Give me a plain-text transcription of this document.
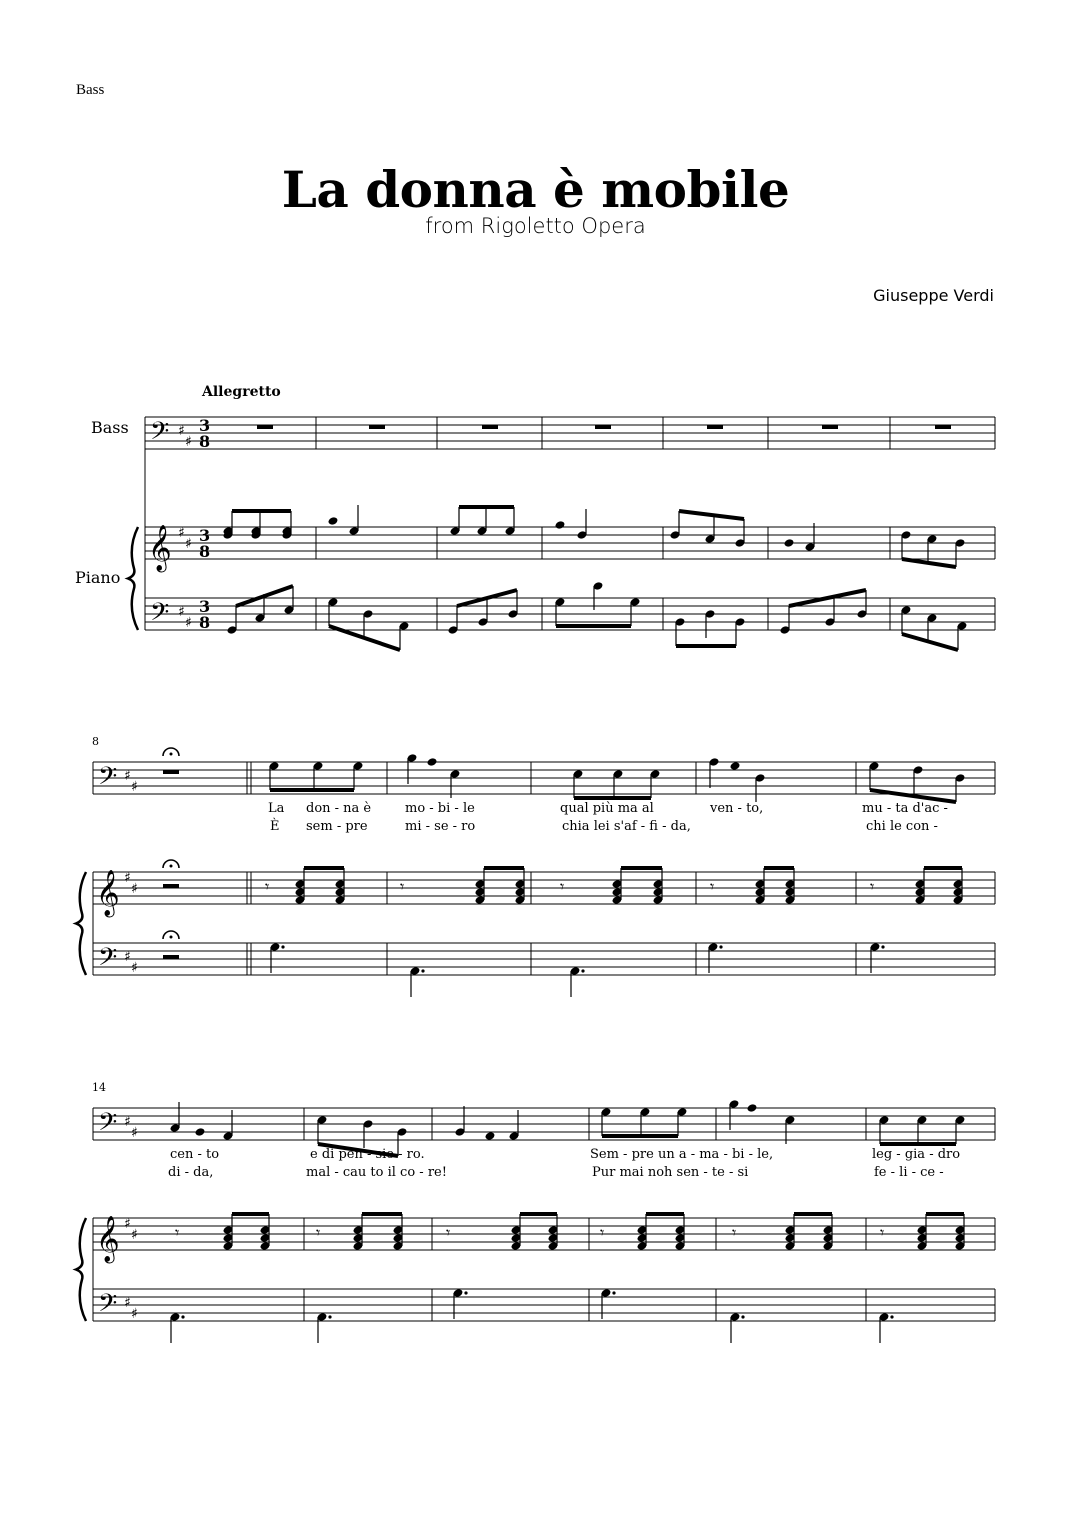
Bass
La donna è mobile
from Rigoletto Opera
Giuseppe Verdi
Allegretto
Bass
Piano
8
14
𝄢 ♯
♯
3
8
𝄞 ♯
♯ 3
8
𝄢 ♯
♯
3
8
𝄢 ♯
♯
𝄞 ♯
♯
𝄢 ♯
♯
𝄾	𝄾	𝄾	𝄾	𝄾
𝄢 ♯
♯
𝄞 ♯
♯
𝄢 ♯
♯
𝄾	𝄾	𝄾	𝄾	𝄾	𝄾
La don - na è	mo - bi - le	qual più ma al	ven - to,	mu - ta d'ac -
È sem - pre	mi - se - ro	chia lei s'af - fi - da,	chi le con -
cen - to	e di pen - sie - ro.	Sem - pre un a - ma - bi - le,	leg - gia - dro
di - da,	mal - cau to il co - re!	Pur mai noh sen - te - si	fe - li - ce -
